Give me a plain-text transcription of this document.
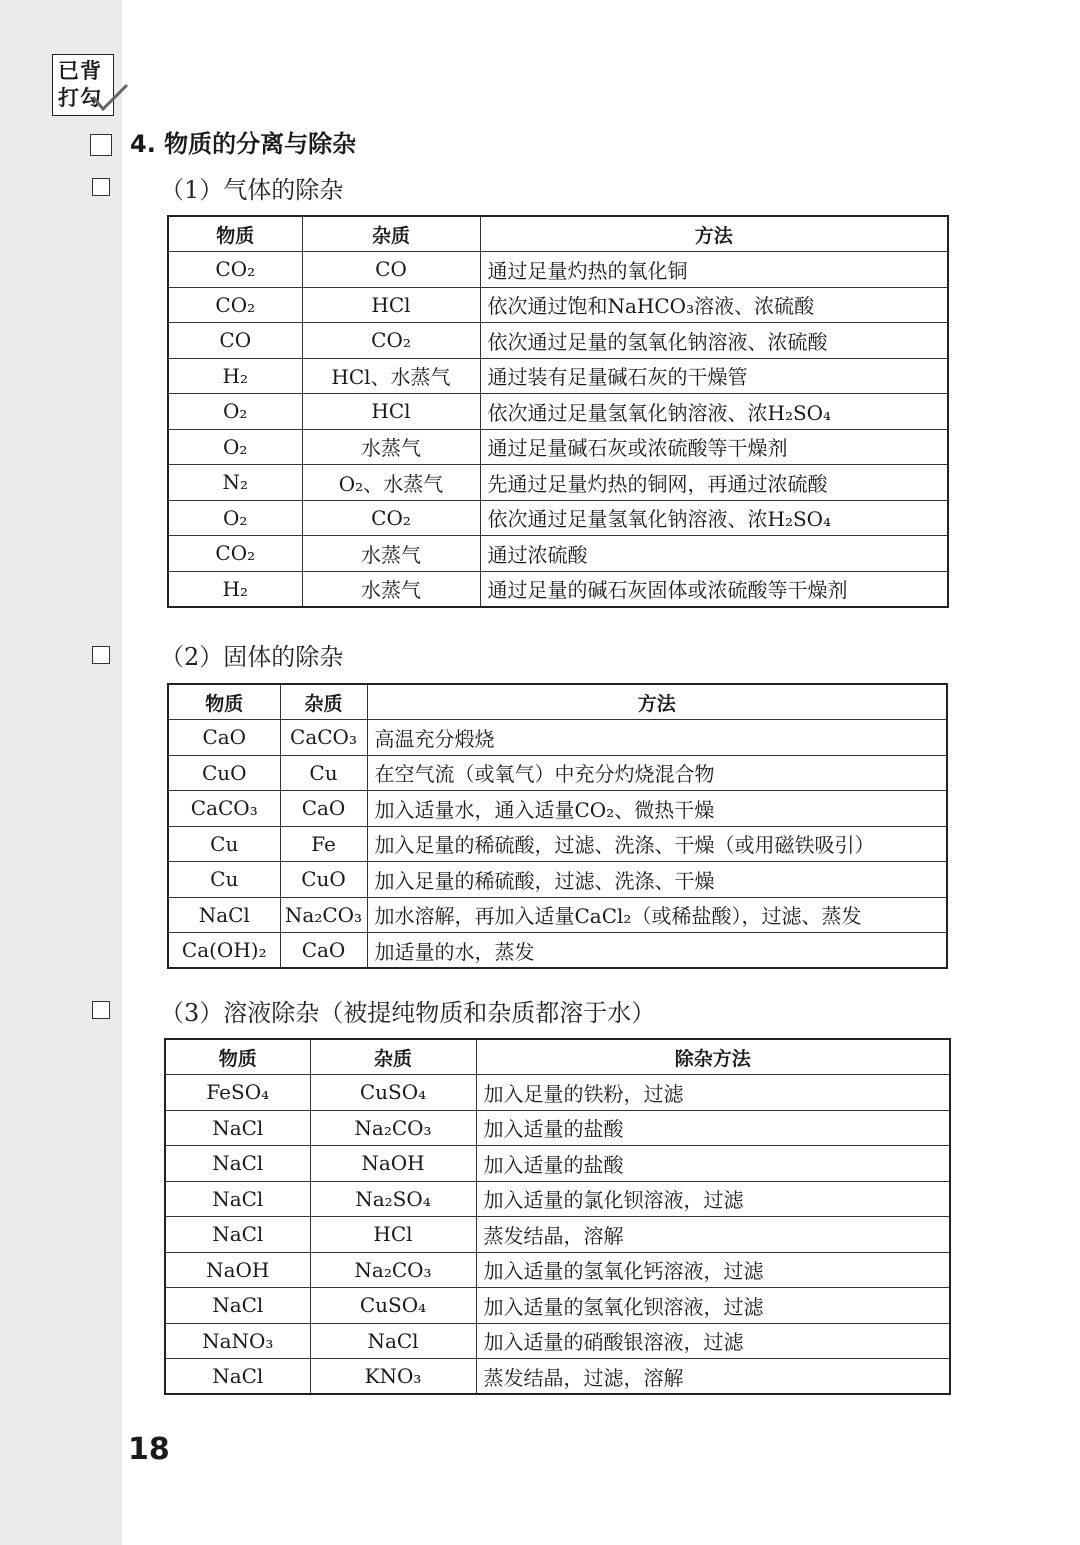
已背
打勾
4. 物质的分离与除杂
（1）气体的除杂
物质	杂质	方法
CO₂	CO	通过足量灼热的氧化铜
CO₂	HCl	依次通过饱和NaHCO₃溶液、浓硫酸
CO	CO₂	依次通过足量的氢氧化钠溶液、浓硫酸
H₂	HCl、水蒸气	通过装有足量碱石灰的干燥管
O₂	HCl	依次通过足量氢氧化钠溶液、浓H₂SO₄
O₂	水蒸气	通过足量碱石灰或浓硫酸等干燥剂
N₂	O₂、水蒸气	先通过足量灼热的铜网，再通过浓硫酸
O₂	CO₂	依次通过足量氢氧化钠溶液、浓H₂SO₄
CO₂	水蒸气	通过浓硫酸
H₂	水蒸气	通过足量的碱石灰固体或浓硫酸等干燥剂
（2）固体的除杂
物质	杂质	方法
CaO	CaCO₃	高温充分煅烧
CuO	Cu	在空气流（或氧气）中充分灼烧混合物
CaCO₃	CaO	加入适量水，通入适量CO₂、微热干燥
Cu	Fe	加入足量的稀硫酸，过滤、洗涤、干燥（或用磁铁吸引）
Cu	CuO	加入足量的稀硫酸，过滤、洗涤、干燥
NaCl	Na₂CO₃	加水溶解，再加入适量CaCl₂（或稀盐酸），过滤、蒸发
Ca(OH)₂	CaO	加适量的水，蒸发
（3）溶液除杂（被提纯物质和杂质都溶于水）
物质	杂质	除杂方法
FeSO₄	CuSO₄	加入足量的铁粉，过滤
NaCl	Na₂CO₃	加入适量的盐酸
NaCl	NaOH	加入适量的盐酸
NaCl	Na₂SO₄	加入适量的氯化钡溶液，过滤
NaCl	HCl	蒸发结晶，溶解
NaOH	Na₂CO₃	加入适量的氢氧化钙溶液，过滤
NaCl	CuSO₄	加入适量的氢氧化钡溶液，过滤
NaNO₃	NaCl	加入适量的硝酸银溶液，过滤
NaCl	KNO₃	蒸发结晶，过滤，溶解
18
